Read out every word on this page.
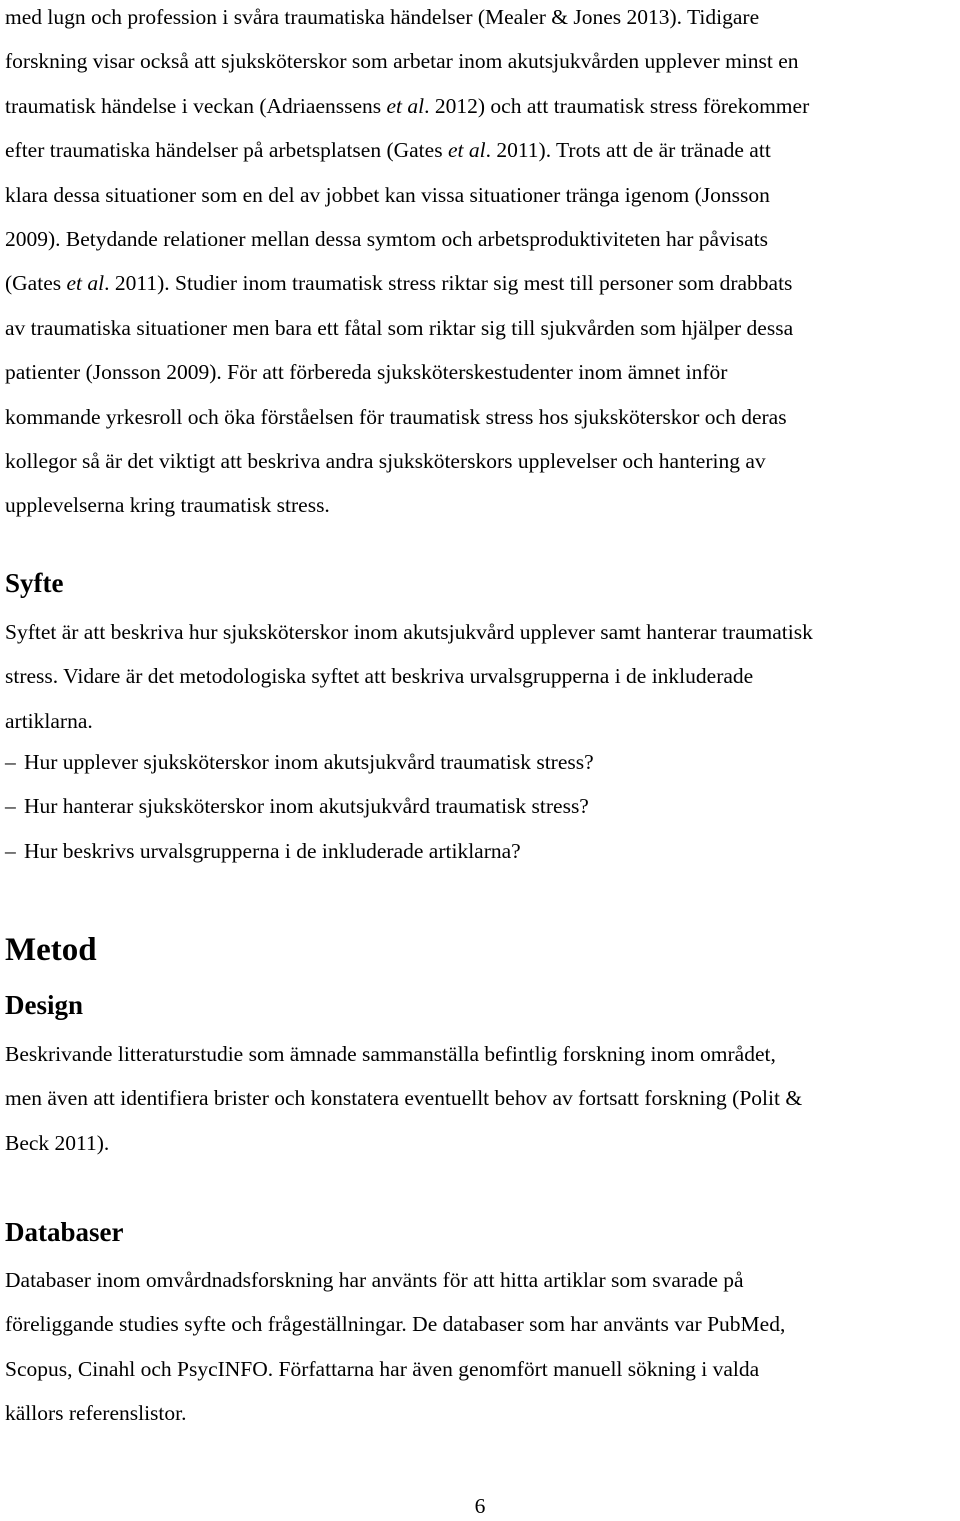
med lugn och profession i svåra traumatiska händelser (Mealer & Jones 2013). Tidigare
forskning visar också att sjuksköterskor som arbetar inom akutsjukvården upplever minst en
traumatisk händelse i veckan (Adriaenssens et al. 2012) och att traumatisk stress förekommer
efter traumatiska händelser på arbetsplatsen (Gates et al. 2011). Trots att de är tränade att
klara dessa situationer som en del av jobbet kan vissa situationer tränga igenom (Jonsson
2009). Betydande relationer mellan dessa symtom och arbetsproduktiviteten har påvisats
(Gates et al. 2011). Studier inom traumatisk stress riktar sig mest till personer som drabbats
av traumatiska situationer men bara ett fåtal som riktar sig till sjukvården som hjälper dessa
patienter (Jonsson 2009). För att förbereda sjuksköterskestudenter inom ämnet inför
kommande yrkesroll och öka förståelsen för traumatisk stress hos sjuksköterskor och deras
kollegor så är det viktigt att beskriva andra sjuksköterskors upplevelser och hantering av
upplevelserna kring traumatisk stress.
Syfte
Syftet är att beskriva hur sjuksköterskor inom akutsjukvård upplever samt hanterar traumatisk
stress. Vidare är det metodologiska syftet att beskriva urvalsgrupperna i de inkluderade
artiklarna.
– Hur upplever sjuksköterskor inom akutsjukvård traumatisk stress?
– Hur hanterar sjuksköterskor inom akutsjukvård traumatisk stress?
– Hur beskrivs urvalsgrupperna i de inkluderade artiklarna?
Metod
Design
Beskrivande litteraturstudie som ämnade sammanställa befintlig forskning inom området,
men även att identifiera brister och konstatera eventuellt behov av fortsatt forskning (Polit &
Beck 2011).
Databaser
Databaser inom omvårdnadsforskning har använts för att hitta artiklar som svarade på
föreliggande studies syfte och frågeställningar. De databaser som har använts var PubMed,
Scopus, Cinahl och PsycINFO. Författarna har även genomfört manuell sökning i valda
källors referenslistor.
6
